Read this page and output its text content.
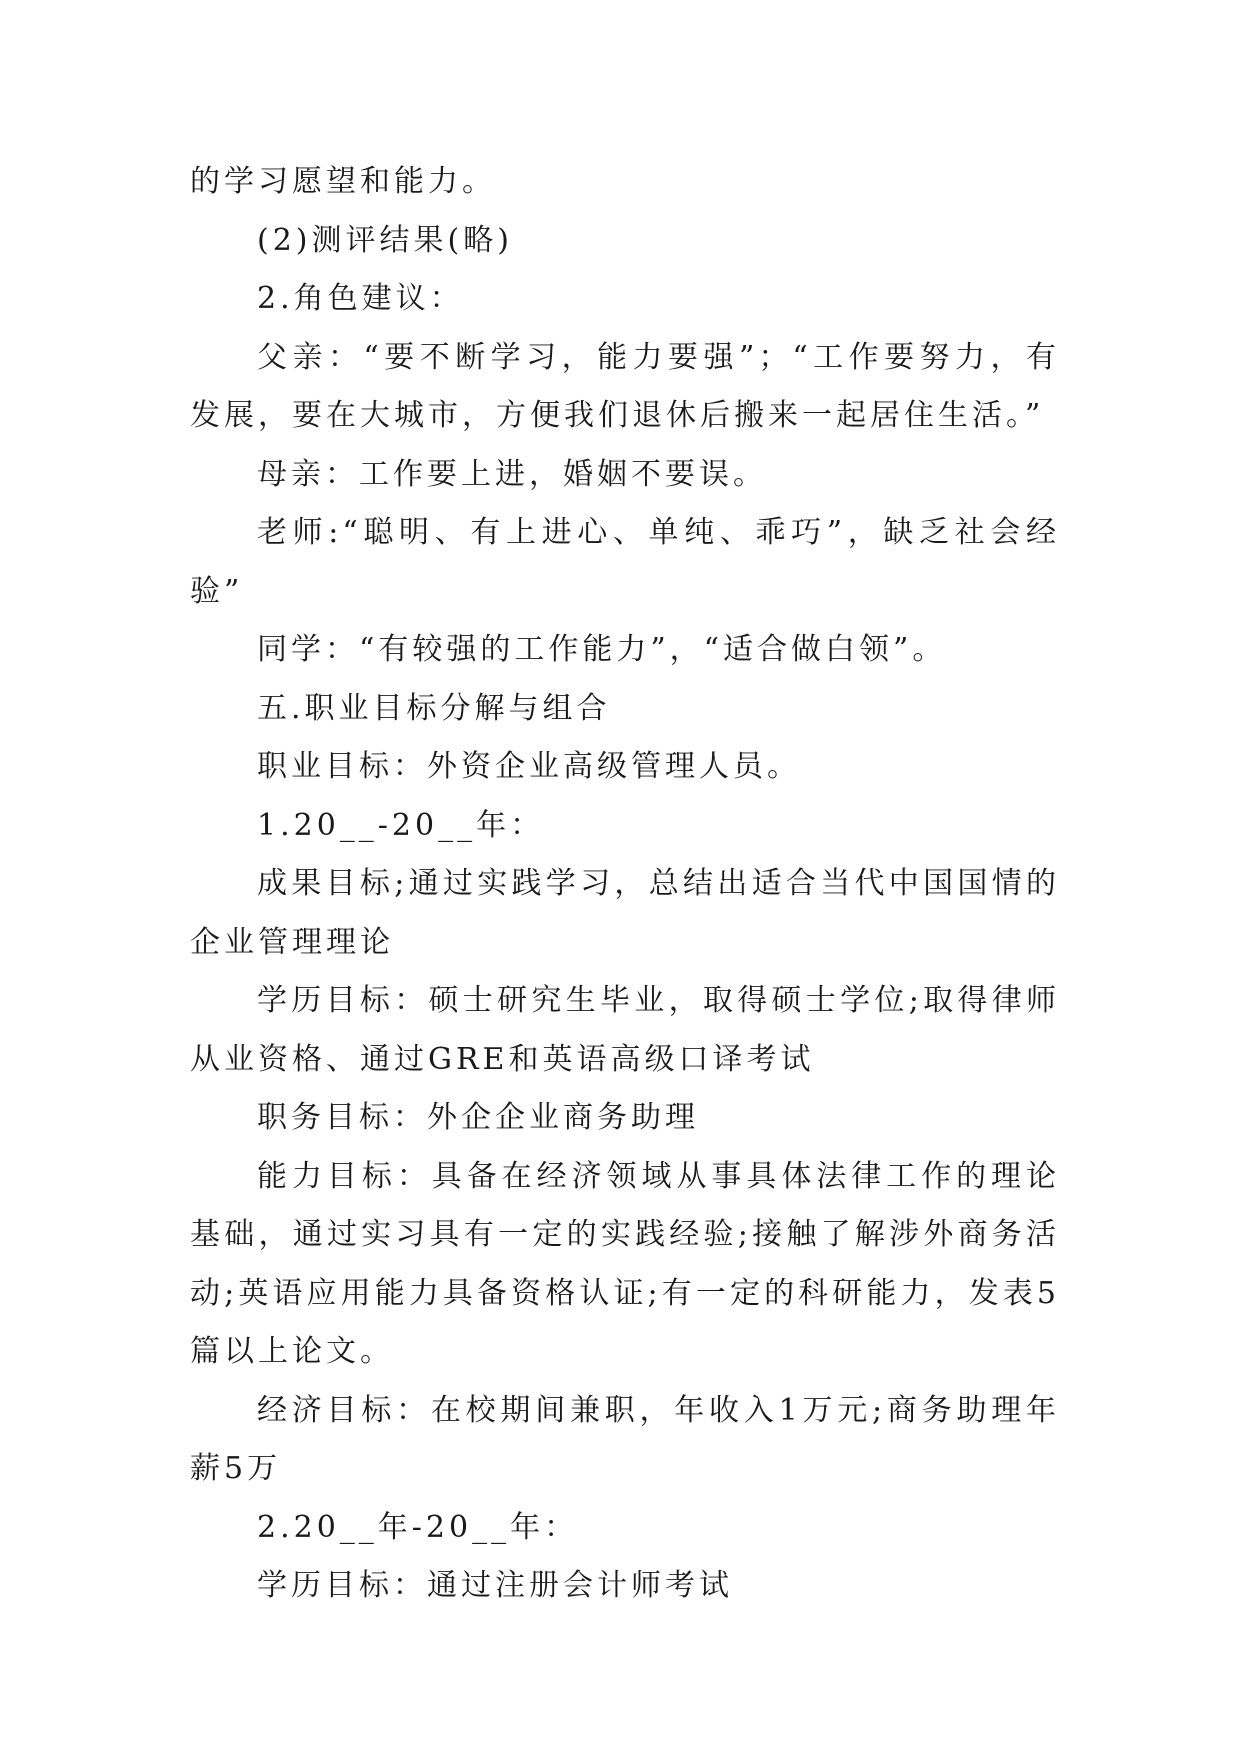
的学习愿望和能力。

(2)测评结果(略)

2.角色建议：

父亲：“要不断学习，能力要强”；“工作要努力，有发展，要在大城市，方便我们退休后搬来一起居住生活。”

母亲：工作要上进，婚姻不要误。

老师:“聪明、有上进心、单纯、乖巧”，缺乏社会经验”

同学：“有较强的工作能力”，“适合做白领”。

五.职业目标分解与组合

职业目标：外资企业高级管理人员。

1.20__-20__年：

成果目标;通过实践学习，总结出适合当代中国国情的企业管理理论

学历目标：硕士研究生毕业，取得硕士学位;取得律师从业资格、通过GRE和英语高级口译考试

职务目标：外企企业商务助理

能力目标：具备在经济领域从事具体法律工作的理论基础，通过实习具有一定的实践经验;接触了解涉外商务活动;英语应用能力具备资格认证;有一定的科研能力，发表5篇以上论文。

经济目标：在校期间兼职，年收入1万元;商务助理年薪5万

2.20__年-20__年：

学历目标：通过注册会计师考试
